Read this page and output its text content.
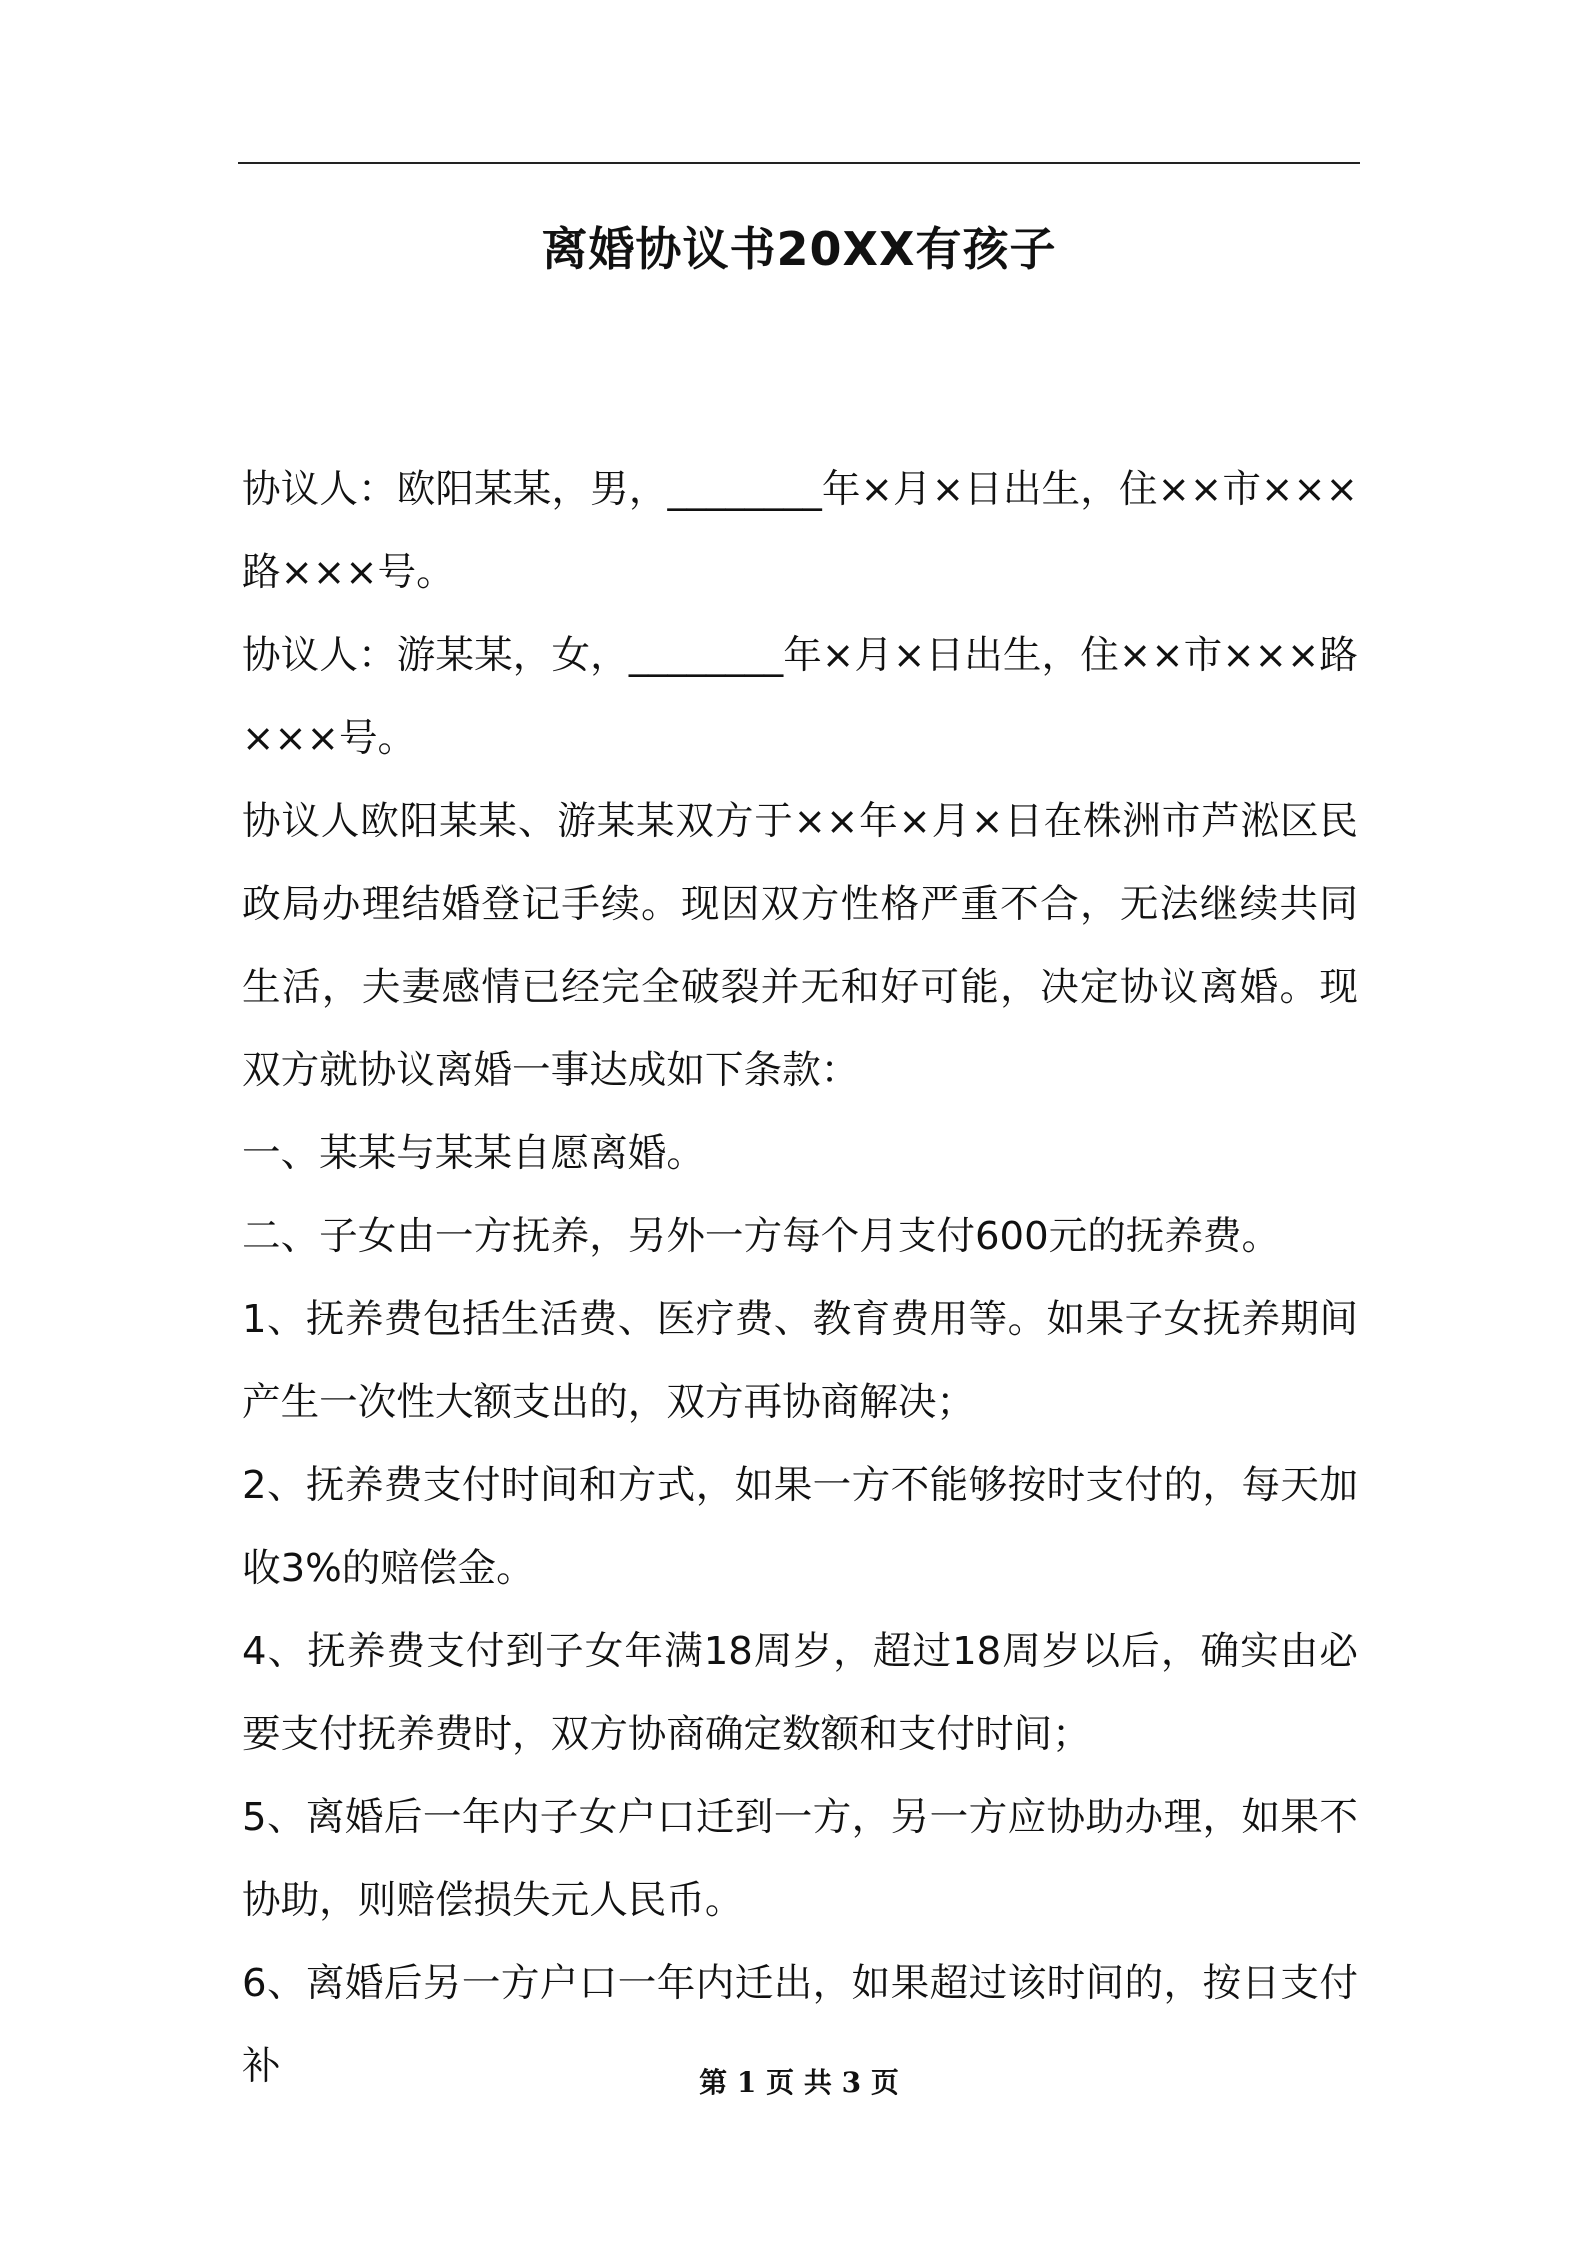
离婚协议书20XX有孩子

协议人：欧阳某某，男，________年×月×日出生，住××市×××路×××号。

协议人：游某某，女，________年×月×日出生，住××市×××路×××号。

协议人欧阳某某、游某某双方于××年×月×日在株洲市芦淞区民政局办理结婚登记手续。现因双方性格严重不合，无法继续共同生活，夫妻感情已经完全破裂并无和好可能，决定协议离婚。现双方就协议离婚一事达成如下条款：

一、某某与某某自愿离婚。

二、子女由一方抚养，另外一方每个月支付600元的抚养费。

1、抚养费包括生活费、医疗费、教育费用等。如果子女抚养期间产生一次性大额支出的，双方再协商解决；

2、抚养费支付时间和方式，如果一方不能够按时支付的，每天加收3%的赔偿金。

4、抚养费支付到子女年满18周岁，超过18周岁以后，确实由必要支付抚养费时，双方协商确定数额和支付时间；

5、离婚后一年内子女户口迁到一方，另一方应协助办理，如果不协助，则赔偿损失元人民币。

6、离婚后另一方户口一年内迁出，如果超过该时间的，按日支付补	第 1 页 共 3 页
